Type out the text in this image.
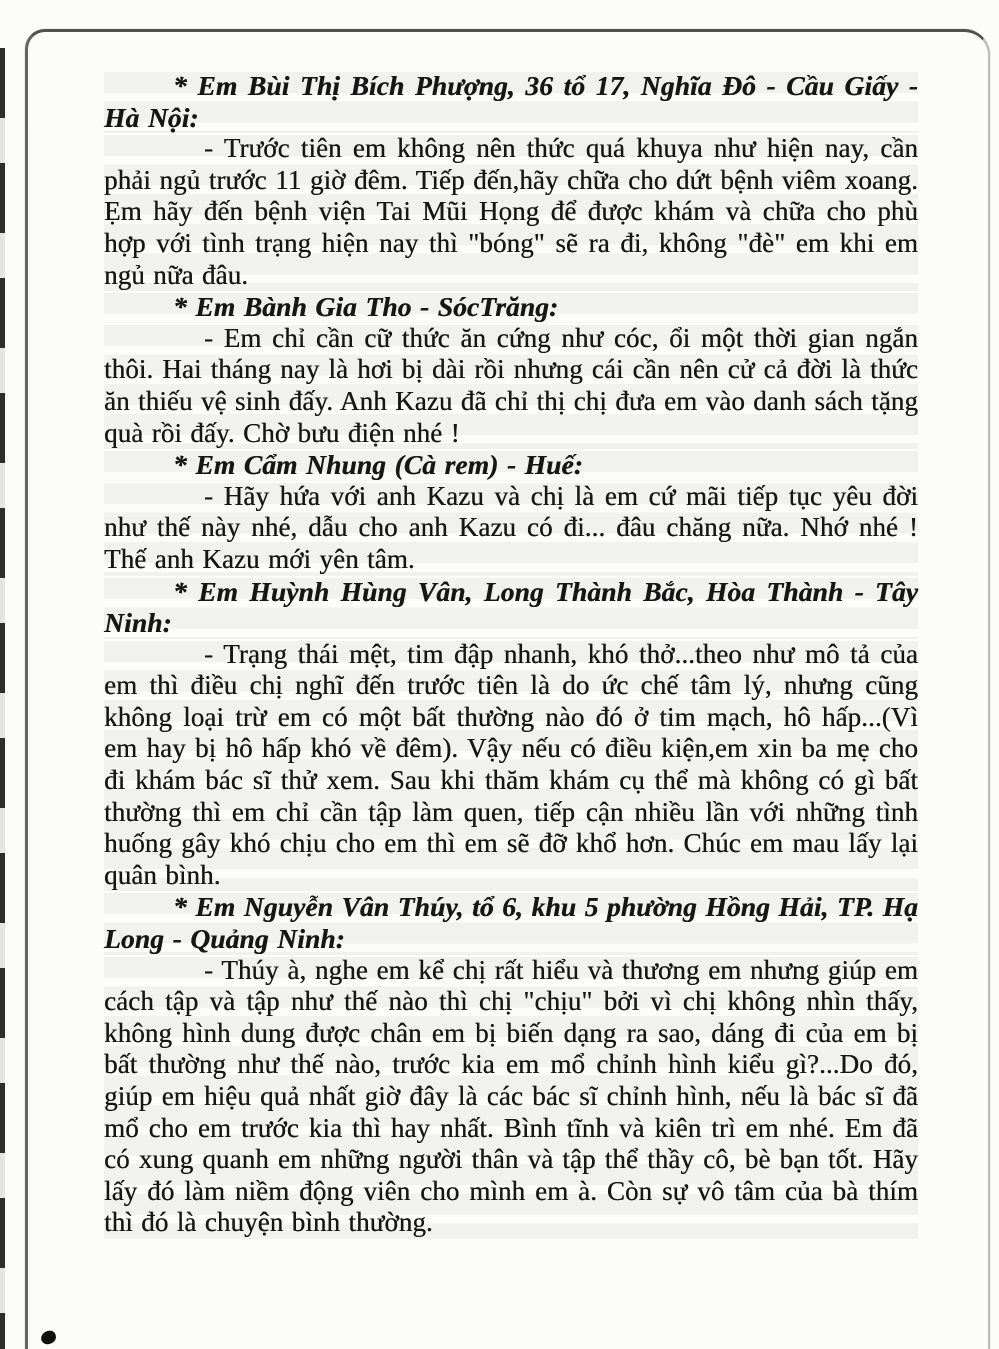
* Em Bùi Thị Bích Phượng, 36 tổ 17, Nghĩa Đô - Cầu Giấy - Hà Nội:

- Trước tiên em không nên thức quá khuya như hiện nay, cần phải ngủ trước 11 giờ đêm. Tiếp đến,hãy chữa cho dứt bệnh viêm xoang. Ẹm hãy đến bệnh viện Tai Mũi Họng để được khám và chữa cho phù hợp với tình trạng hiện nay thì "bóng" sẽ ra đi, không "đè" em khi em ngủ nữa đâu.

* Em Bành Gia Tho - SócTrăng:

- Em chỉ cần cữ thức ăn cứng như cóc, ổi một thời gian ngắn thôi. Hai tháng nay là hơi bị dài rồi nhưng cái cần nên cử cả đời là thức ăn thiếu vệ sinh đấy. Anh Kazu đã chỉ thị chị đưa em vào danh sách tặng quà rồi đấy. Chờ bưu điện nhé !

* Em Cẩm Nhung (Cà rem) - Huế:

- Hãy hứa với anh Kazu và chị là em cứ mãi tiếp tục yêu đời như thế này nhé, dẫu cho anh Kazu có đi... đâu chăng nữa. Nhớ nhé ! Thế anh Kazu mới yên tâm.

* Em Huỳnh Hùng Vân, Long Thành Bắc, Hòa Thành - Tây Ninh:

- Trạng thái mệt, tim đập nhanh, khó thở...theo như mô tả của em thì điều chị nghĩ đến trước tiên là do ức chế tâm lý, nhưng cũng không loại trừ em có một bất thường nào đó ở tim mạch, hô hấp...(Vì em hay bị hô hấp khó về đêm). Vậy nếu có điều kiện,em xin ba mẹ cho đi khám bác sĩ thử xem. Sau khi thăm khám cụ thể mà không có gì bất thường thì em chỉ cần tập làm quen, tiếp cận nhiều lần với những tình huống gây khó chịu cho em thì em sẽ đỡ khổ hơn. Chúc em mau lấy lại quân bình.

* Em Nguyễn Vân Thúy, tổ 6, khu 5 phường Hồng Hải, TP. Hạ Long - Quảng Ninh:

- Thúy à, nghe em kể chị rất hiểu và thương em nhưng giúp em cách tập và tập như thế nào thì chị "chịu" bởi vì chị không nhìn thấy, không hình dung được chân em bị biến dạng ra sao, dáng đi của em bị bất thường như thế nào, trước kia em mổ chỉnh hình kiểu gì?...Do đó, giúp em hiệu quả nhất giờ đây là các bác sĩ chỉnh hình, nếu là bác sĩ đã mổ cho em trước kia thì hay nhất. Bình tĩnh và kiên trì em nhé. Em đã có xung quanh em những người thân và tập thể thầy cô, bè bạn tốt. Hãy lấy đó làm niềm động viên cho mình em à. Còn sự vô tâm của bà thím thì đó là chuyện bình thường.
